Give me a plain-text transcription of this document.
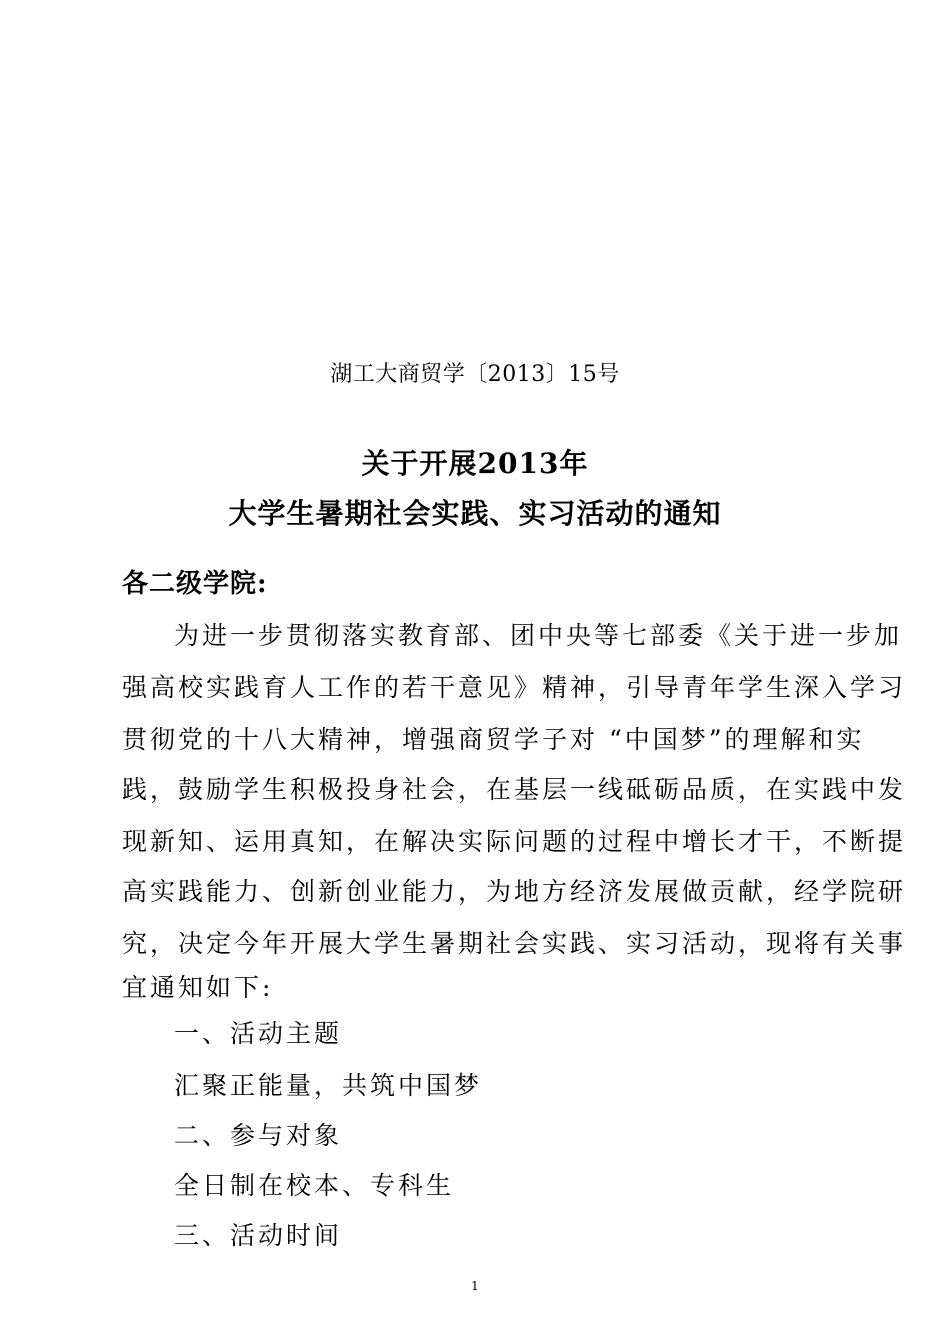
湖工大商贸学〔2013〕15号
关于开展2013年
大学生暑期社会实践、实习活动的通知
各二级学院:
为进一步贯彻落实教育部、团中央等七部委《关于进一步加
强高校实践育人工作的若干意见》精神，引导青年学生深入学习
贯彻党的十八大精神，增强商贸学子对 “中国梦”的理解和实
践，鼓励学生积极投身社会，在基层一线砥砺品质，在实践中发
现新知、运用真知，在解决实际问题的过程中增长才干，不断提
高实践能力、创新创业能力，为地方经济发展做贡献，经学院研
究，决定今年开展大学生暑期社会实践、实习活动，现将有关事
宜通知如下:
一、活动主题
汇聚正能量，共筑中国梦
二、参与对象
全日制在校本、专科生
三、活动时间
1
